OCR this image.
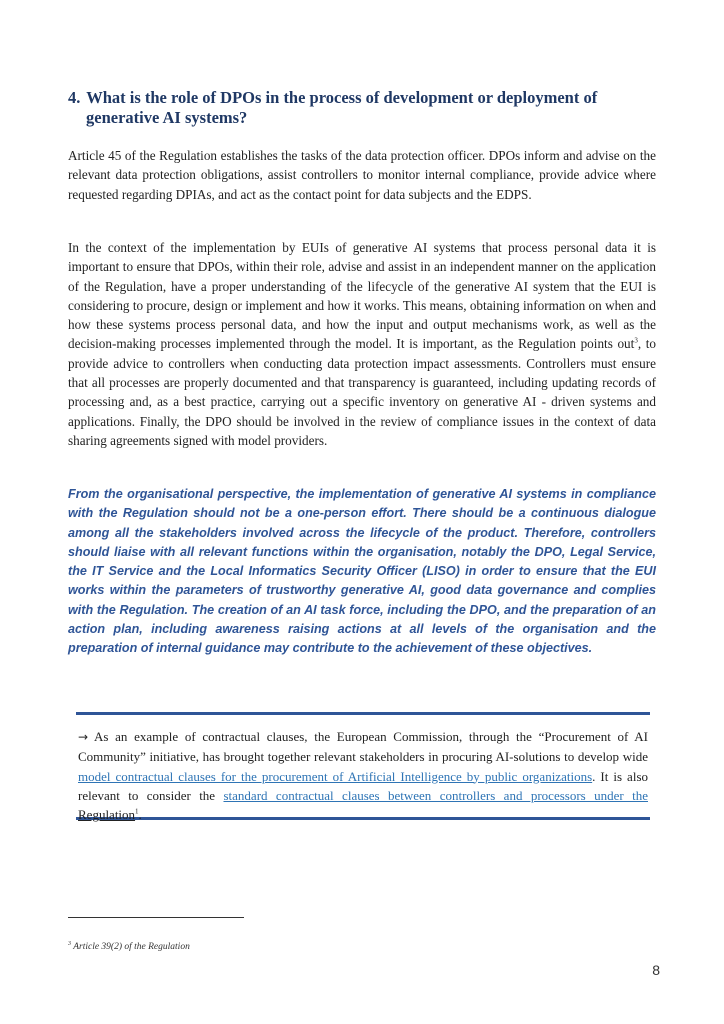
4. What is the role of DPOs in the process of development or deployment of
generative AI systems?

Article 45 of the Regulation establishes the tasks of the data protection officer. DPOs inform and advise on the relevant data protection obligations, assist controllers to monitor internal compliance, provide advice where requested regarding DPIAs, and act as the contact point for data subjects and the EDPS.

In the context of the implementation by EUIs of generative AI systems that process personal data it is important to ensure that DPOs, within their role, advise and assist in an independent manner on the application of the Regulation, have a proper understanding of the lifecycle of the generative AI system that the EUI is considering to procure, design or implement and how it works. This means, obtaining information on when and how these systems process personal data, and how the input and output mechanisms work, as well as the decision-making processes implemented through the model. It is important, as the Regulation points out$^3$, to provide advice to controllers when conducting data protection impact assessments. Controllers must ensure that all processes are properly documented and that transparency is guaranteed, including updating records of processing and, as a best practice, carrying out a specific inventory on generative AI - driven systems and applications. Finally, the DPO should be involved in the review of compliance issues in the context of data sharing agreements signed with model providers.

From the organisational perspective, the implementation of generative AI systems in compliance with the Regulation should not be a one-person effort. There should be a continuous dialogue among all the stakeholders involved across the lifecycle of the product. Therefore, controllers should liaise with all relevant functions within the organisation, notably the DPO, Legal Service, the IT Service and the Local Informatics Security Officer (LISO) in order to ensure that the EUI works within the parameters of trustworthy generative AI, good data governance and complies with the Regulation. The creation of an AI task force, including the DPO, and the preparation of an action plan, including awareness raising actions at all levels of the organisation and the preparation of internal guidance may contribute to the achievement of these objectives.

→ As an example of contractual clauses, the European Commission, through the “Procurement of AI Community” initiative, has brought together relevant stakeholders in procuring AI-solutions to develop wide model contractual clauses for the procurement of Artificial Intelligence by public organizations. It is also relevant to consider the standard contractual clauses between controllers and processors under the Regulation$^1$.

$^3$ Article 39(2) of the Regulation

8
